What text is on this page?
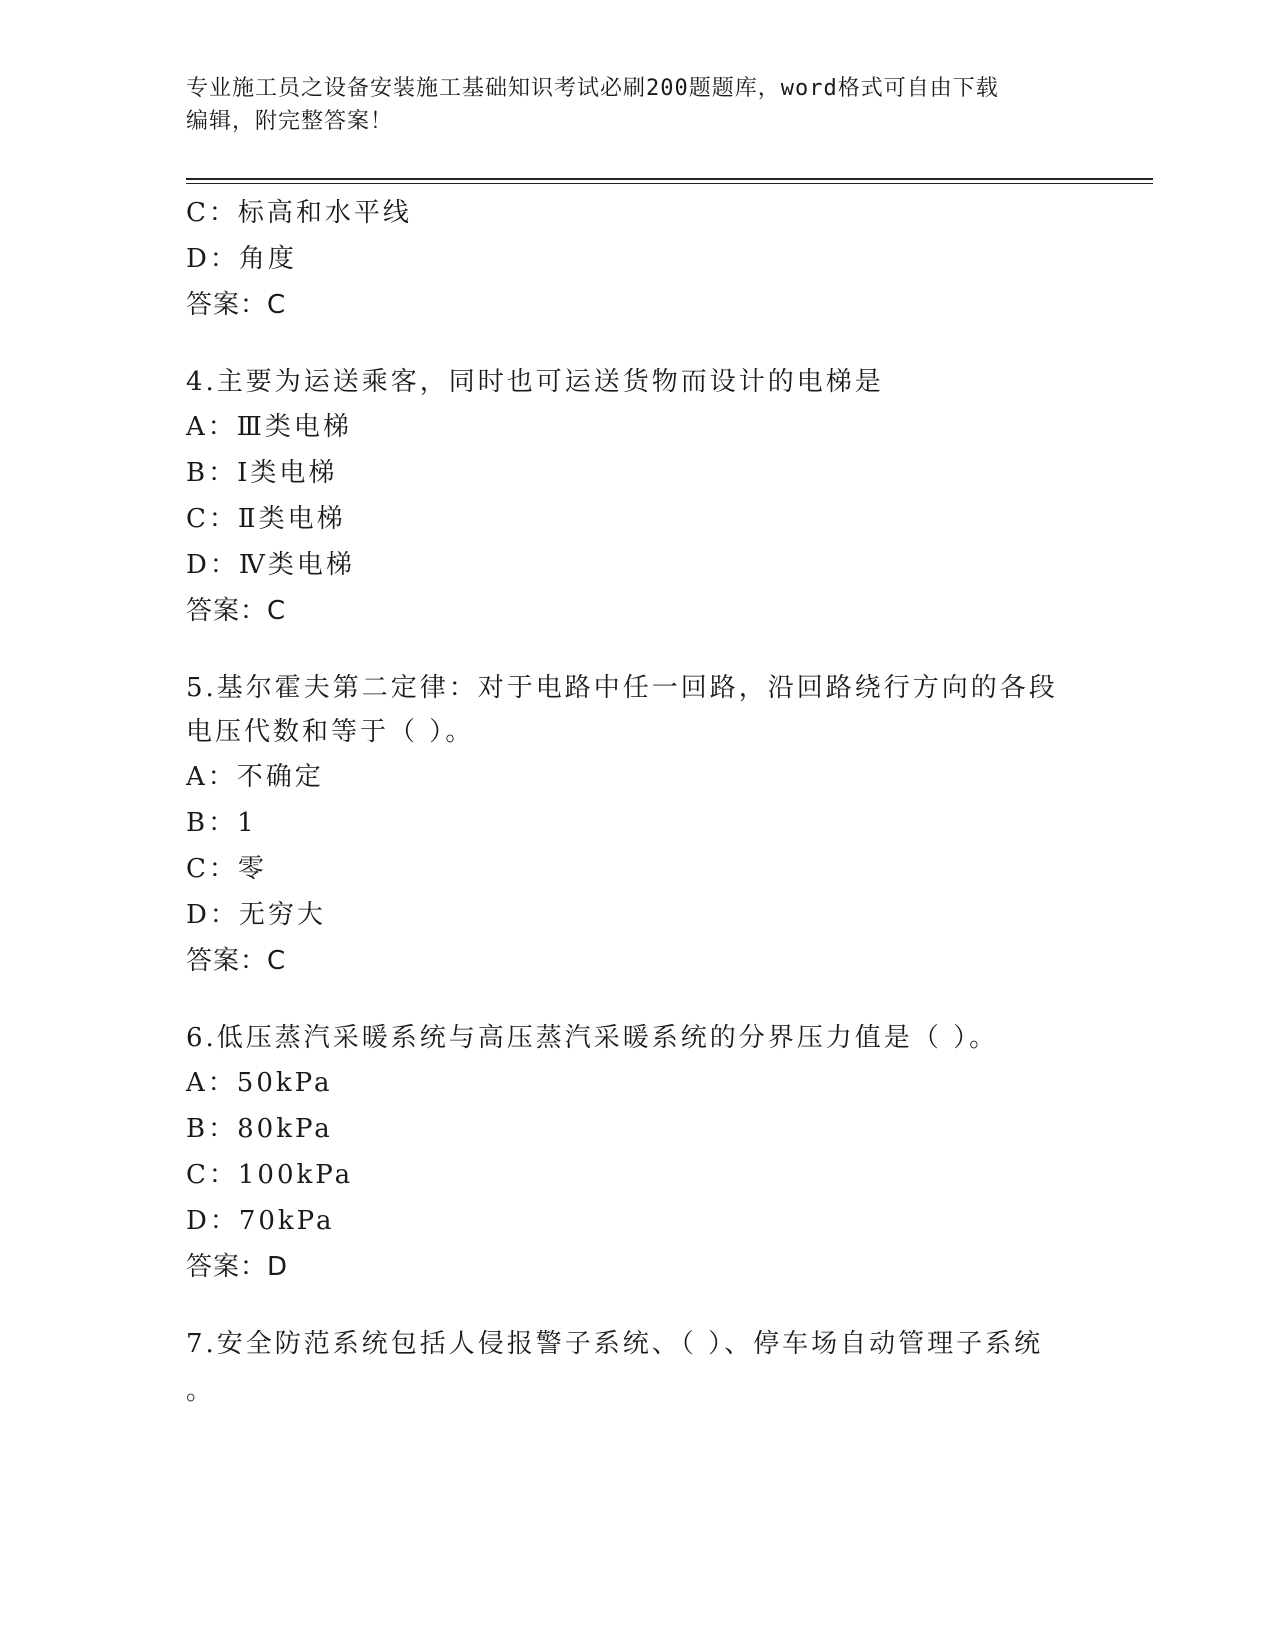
专业施工员之设备安装施工基础知识考试必刷200题题库，word格式可自由下载
编辑，附完整答案！
C：标高和水平线
D：角度
答案：C
4.主要为运送乘客，同时也可运送货物而设计的电梯是
A：Ⅲ类电梯
B：Ⅰ类电梯
C：Ⅱ类电梯
D：Ⅳ类电梯
答案：C
5.基尔霍夫第二定律：对于电路中任一回路，沿回路绕行方向的各段电压代数和等于（ ）。
A：不确定
B：1
C：零
D：无穷大
答案：C
6.低压蒸汽采暖系统与高压蒸汽采暖系统的分界压力值是（ ）。
A：50kPa
B：80kPa
C：100kPa
D：70kPa
答案：D
7.安全防范系统包括人侵报警子系统、（ ）、停车场自动管理子系统
。
